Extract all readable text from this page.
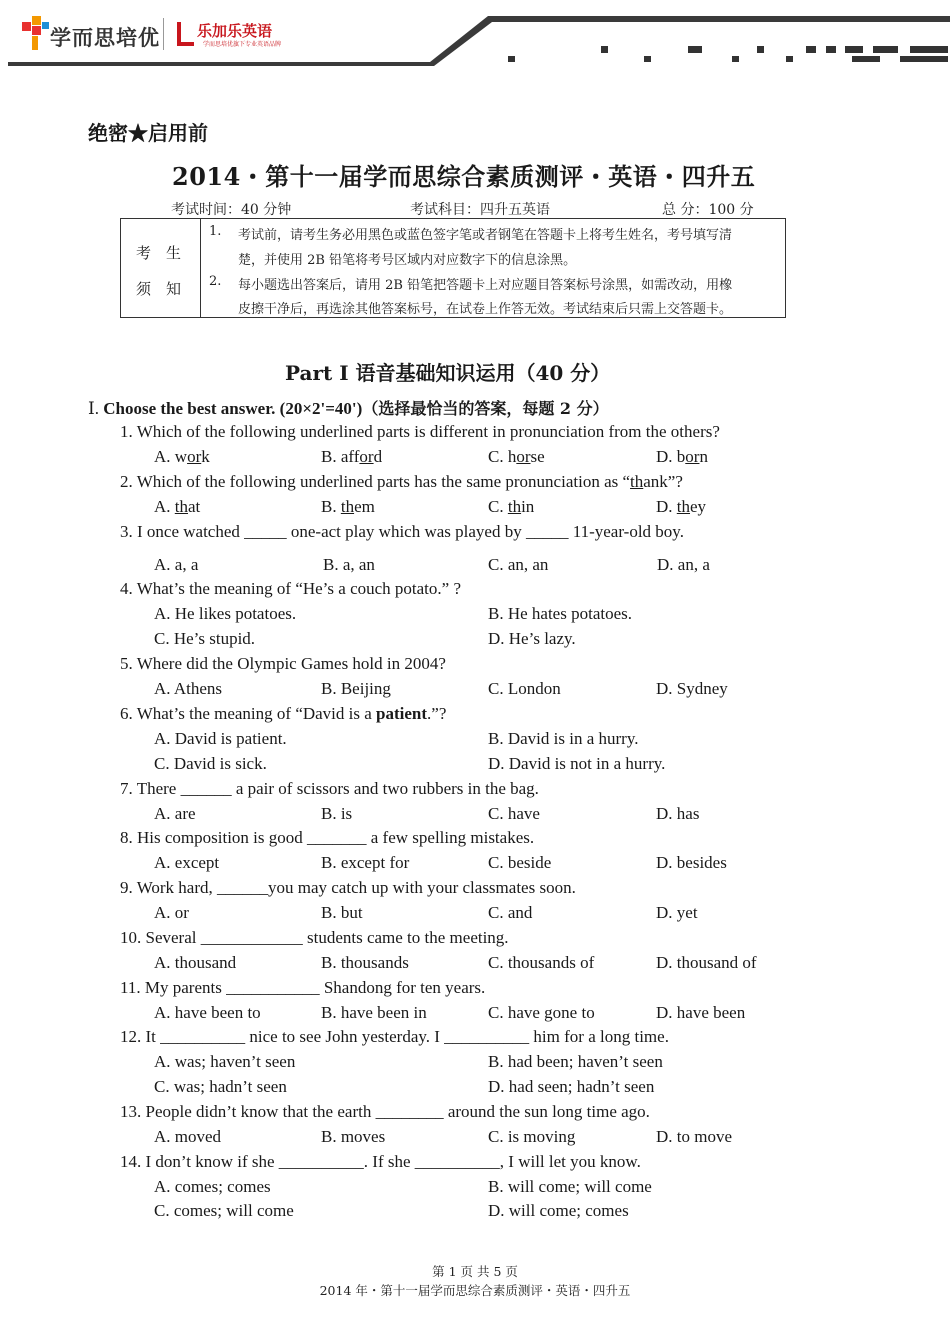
学而思培优 乐加乐英语
学而思培优旗下专业英语品牌
绝密★启用前
2014・第十一届学而思综合素质测评・英语・四升五
考试时间：40 分钟	考试科目：四升五英语	总 分：100 分
考　生
须　知
1. 考试前，请考生务必用黑色或蓝色签字笔或者钢笔在答题卡上将考生姓名，考号填写清
楚，并使用 2B 铅笔将考号区域内对应数字下的信息涂黑。
2. 每小题选出答案后，请用 2B 铅笔把答题卡上对应题目答案标号涂黑，如需改动，用橡
皮擦干净后，再选涂其他答案标号，在试卷上作答无效。考试结束后只需上交答题卡。
Part Ⅰ 语音基础知识运用（40 分）
Ⅰ. Choose the best answer. (20×2'=40')（选择最恰当的答案，每题 2 分）
1. Which of the following underlined parts is different in pronunciation from the others?
A. work	B. afford	C. horse	D. born
2. Which of the following underlined parts has the same pronunciation as “thank”?
A. that	B. them	C. thin	D. they
3. I once watched _____ one-act play which was played by _____ 11-year-old boy.
A. a, a	B. a, an	C. an, an	D. an, a
4. What’s the meaning of “He’s a couch potato.” ?
A. He likes potatoes.	B. He hates potatoes.
C. He’s stupid.	D. He’s lazy.
5. Where did the Olympic Games hold in 2004?
A. Athens	B. Beijing	C. London	D. Sydney
6. What’s the meaning of “David is a patient.”?
A. David is patient.	B. David is in a hurry.
C. David is sick.	D. David is not in a hurry.
7. There ______ a pair of scissors and two rubbers in the bag.
A. are	B. is	C. have	D. has
8. His composition is good _______ a few spelling mistakes.
A. except	B. except for	C. beside	D. besides
9. Work hard, ______you may catch up with your classmates soon.
A. or	B. but	C. and	D. yet
10. Several ____________ students came to the meeting.
A. thousand	B. thousands	C. thousands of	D. thousand of
11. My parents ___________ Shandong for ten years.
A. have been to	B. have been in	C. have gone to	D. have been
12. It __________ nice to see John yesterday. I __________ him for a long time.
A. was; haven’t seen	B. had been; haven’t seen
C. was; hadn’t seen	D. had seen; hadn’t seen
13. People didn’t know that the earth ________ around the sun long time ago.
A. moved	B. moves	C. is moving	D. to move
14. I don’t know if she __________. If she __________, I will let you know.
A. comes; comes	B. will come; will come
C. comes; will come	D. will come; comes
第 1 页 共 5 页
2014 年・第十一届学而思综合素质测评・英语・四升五
